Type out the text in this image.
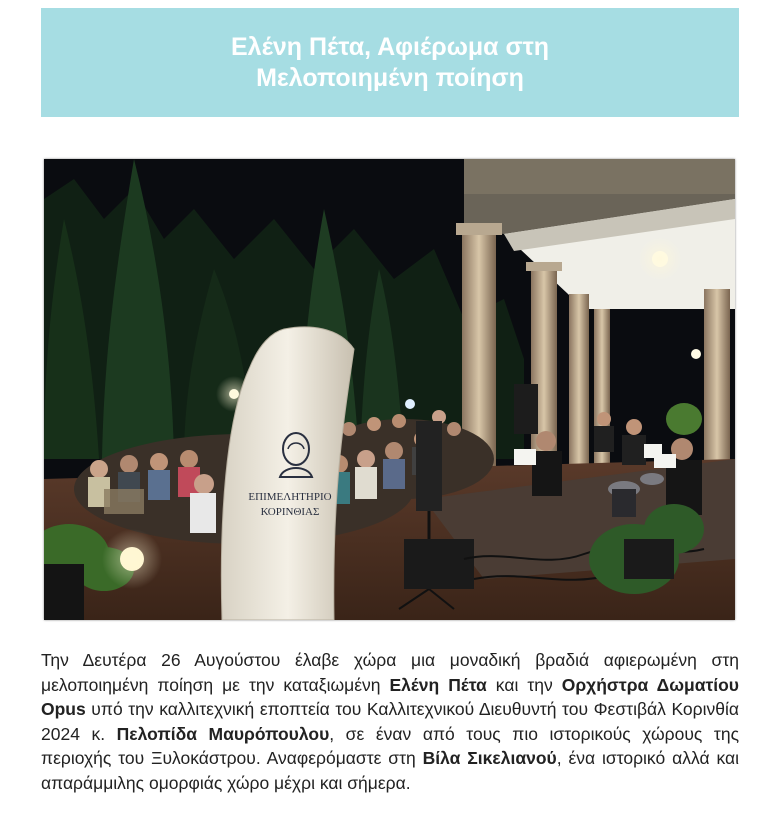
Ελένη Πέτα, Αφιέρωμα στη
Μελοποιημένη ποίηση
ΕΠΙΜΕΛΗΤΗΡΙΟ
ΚΟΡΙΝΘΙΑΣ

Την Δευτέρα 26 Αυγούστου έλαβε χώρα μια μοναδική βραδιά αφιερωμένη στη μελοποιημένη ποίηση με την καταξιωμένη Ελένη Πέτα και την Ορχήστρα Δωματίου Opus υπό την καλλιτεχνική εποπτεία του Καλλιτεχνικού Διευθυντή του Φεστιβάλ Κορινθία 2024 κ. Πελοπίδα Μαυρόπουλου, σε έναν από τους πιο ιστορικούς χώρους της περιοχής του Ξυλοκάστρου. Αναφερόμαστε στη Βίλα Σικελιανού, ένα ιστορικό αλλά και απαράμμιλης ομορφιάς χώρο μέχρι και σήμερα.
